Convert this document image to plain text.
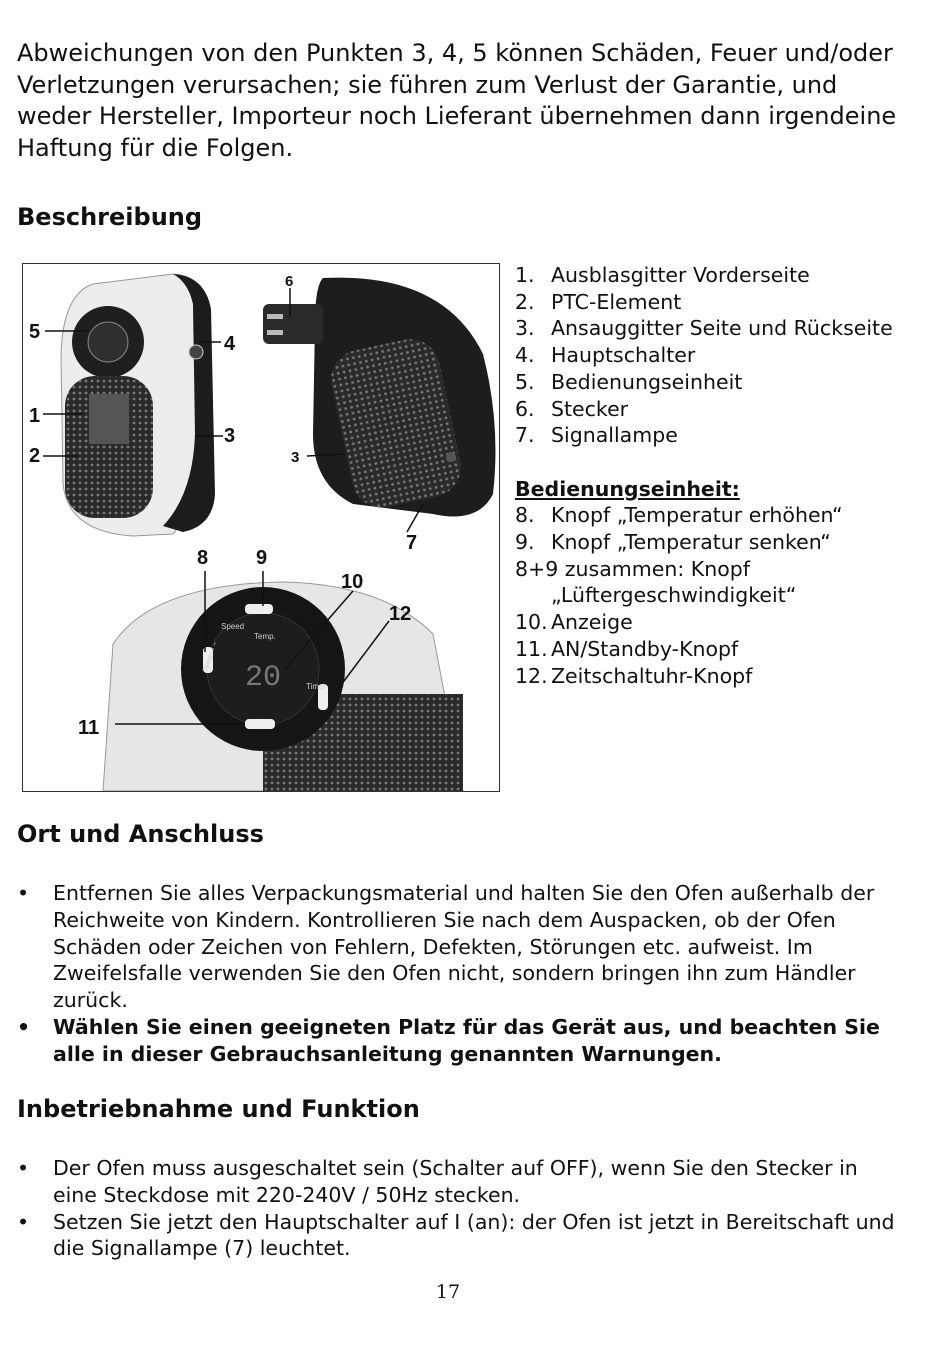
Abweichungen von den Punkten 3, 4, 5 können Schäden, Feuer und/oder Verletzungen verursachen; sie führen zum Verlust der Garantie, und weder Hersteller, Importeur noch Lieferant übernehmen dann irgendeine Haftung für die Folgen.

Beschreibung
20
Speed
Temp.
Temp. + −
Timer
5
1
2
4
3
6
3
7
8 9
10
12
11
1. Ausblasgitter Vorderseite
2. PTC-Element
3. Ansauggitter Seite und Rückseite
4. Hauptschalter
5. Bedienungseinheit
6. Stecker
7. Signallampe
Bedienungseinheit:
8. Knopf „Temperatur erhöhen“
9. Knopf „Temperatur senken“
8+9
zusammen: Knopf
„Lüftergeschwindigkeit“
10. Anzeige
11. AN/Standby-Knopf
12. Zeitschaltuhr-Knopf
Ort und Anschluss
• Entfernen Sie alles Verpackungsmaterial und halten Sie den Ofen außerhalb der Reichweite von Kindern. Kontrollieren Sie nach dem Auspacken, ob der Ofen Schäden oder Zeichen von Fehlern, Defekten, Störungen etc. aufweist. Im Zweifelsfalle verwenden Sie den Ofen nicht, sondern bringen ihn zum Händler zurück.
• Wählen Sie einen geeigneten Platz für das Gerät aus, und beachten Sie alle in dieser Gebrauchsanleitung genannten Warnungen.
Inbetriebnahme und Funktion
• Der Ofen muss ausgeschaltet sein (Schalter auf OFF), wenn Sie den Stecker in eine Steckdose mit 220-240V / 50Hz stecken.
• Setzen Sie jetzt den Hauptschalter auf I (an): der Ofen ist jetzt in Bereitschaft und die Signallampe (7) leuchtet.
17
